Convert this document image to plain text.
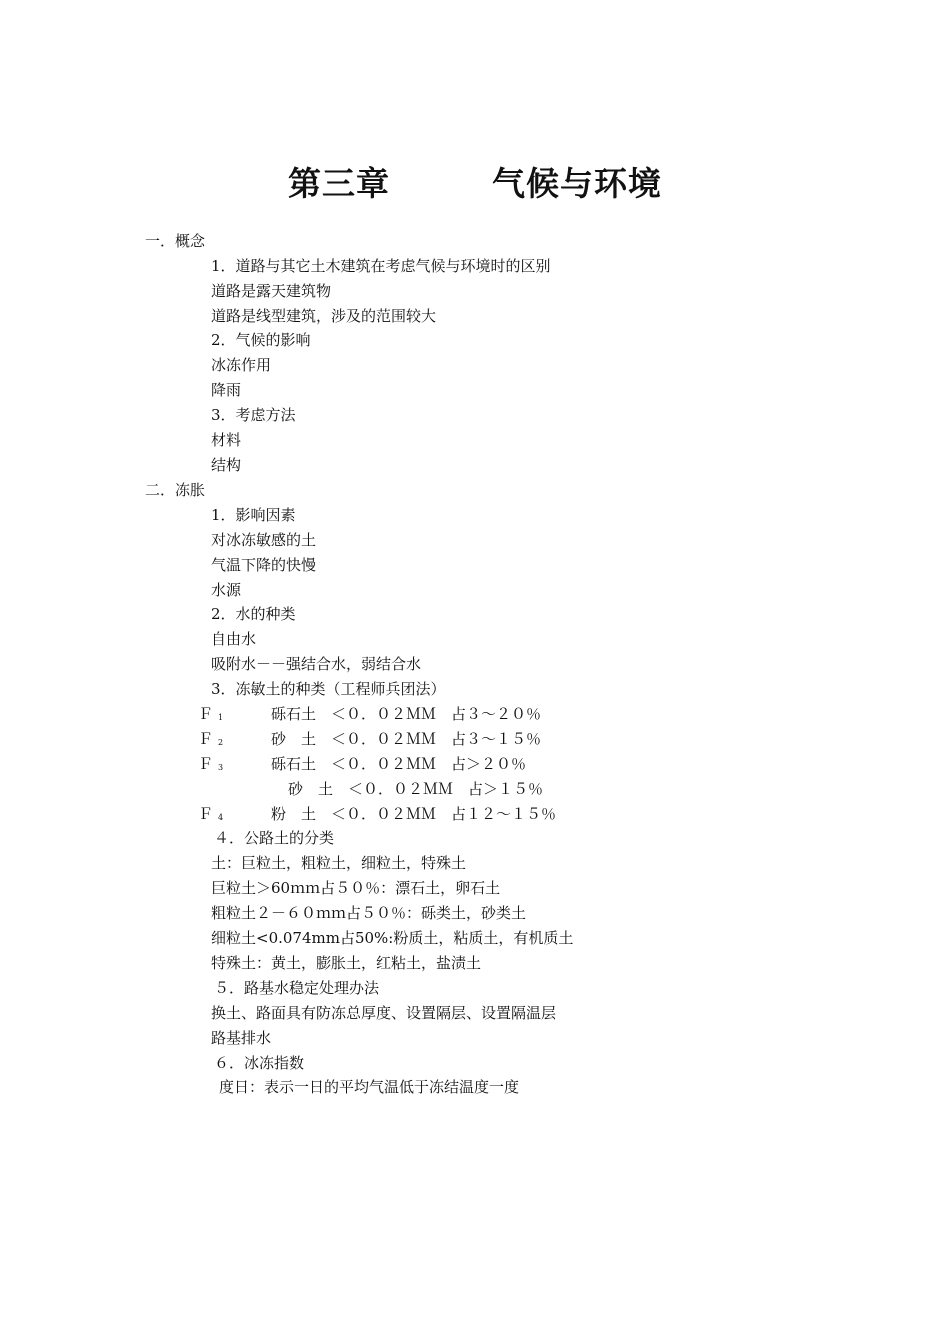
第三章　　　气候与环境
一．概念
1．道路与其它土木建筑在考虑气候与环境时的区别
道路是露天建筑物
道路是线型建筑，涉及的范围较大
2．气候的影响
冰冻作用
降雨
3．考虑方法
材料
结构
二．冻胀
1．影响因素
对冰冻敏感的土
气温下降的快慢
水源
2．水的种类
自由水
吸附水－－强结合水，弱结合水
3．冻敏土的种类（工程师兵团法）
Ｆ $_1$	砾石土　＜０．０２ＭＭ　占３～２０％
Ｆ $_2$	砂　土　＜０．０２ＭＭ　占３～１５％
Ｆ $_3$	砾石土　＜０．０２ＭＭ　占＞２０％
砂　土　＜０．０２ＭＭ　占＞１５％
Ｆ $_4$	粉　土　＜０．０２ＭＭ　占１２～１５％
４．公路土的分类
土：巨粒土，粗粒土，细粒土，特殊土
巨粒土＞60ｍｍ占５０％：漂石土，卵石土
粗粒土２－６０ｍｍ占５０％：砾类土，砂类土
细粒土<0.074mm占50%:粉质土，粘质土，有机质土
特殊土：黄土，膨胀土，红粘土，盐渍土
５．路基水稳定处理办法
换土、路面具有防冻总厚度、设置隔层、设置隔温层
路基排水
６．冰冻指数
度日：表示一日的平均气温低于冻结温度一度
